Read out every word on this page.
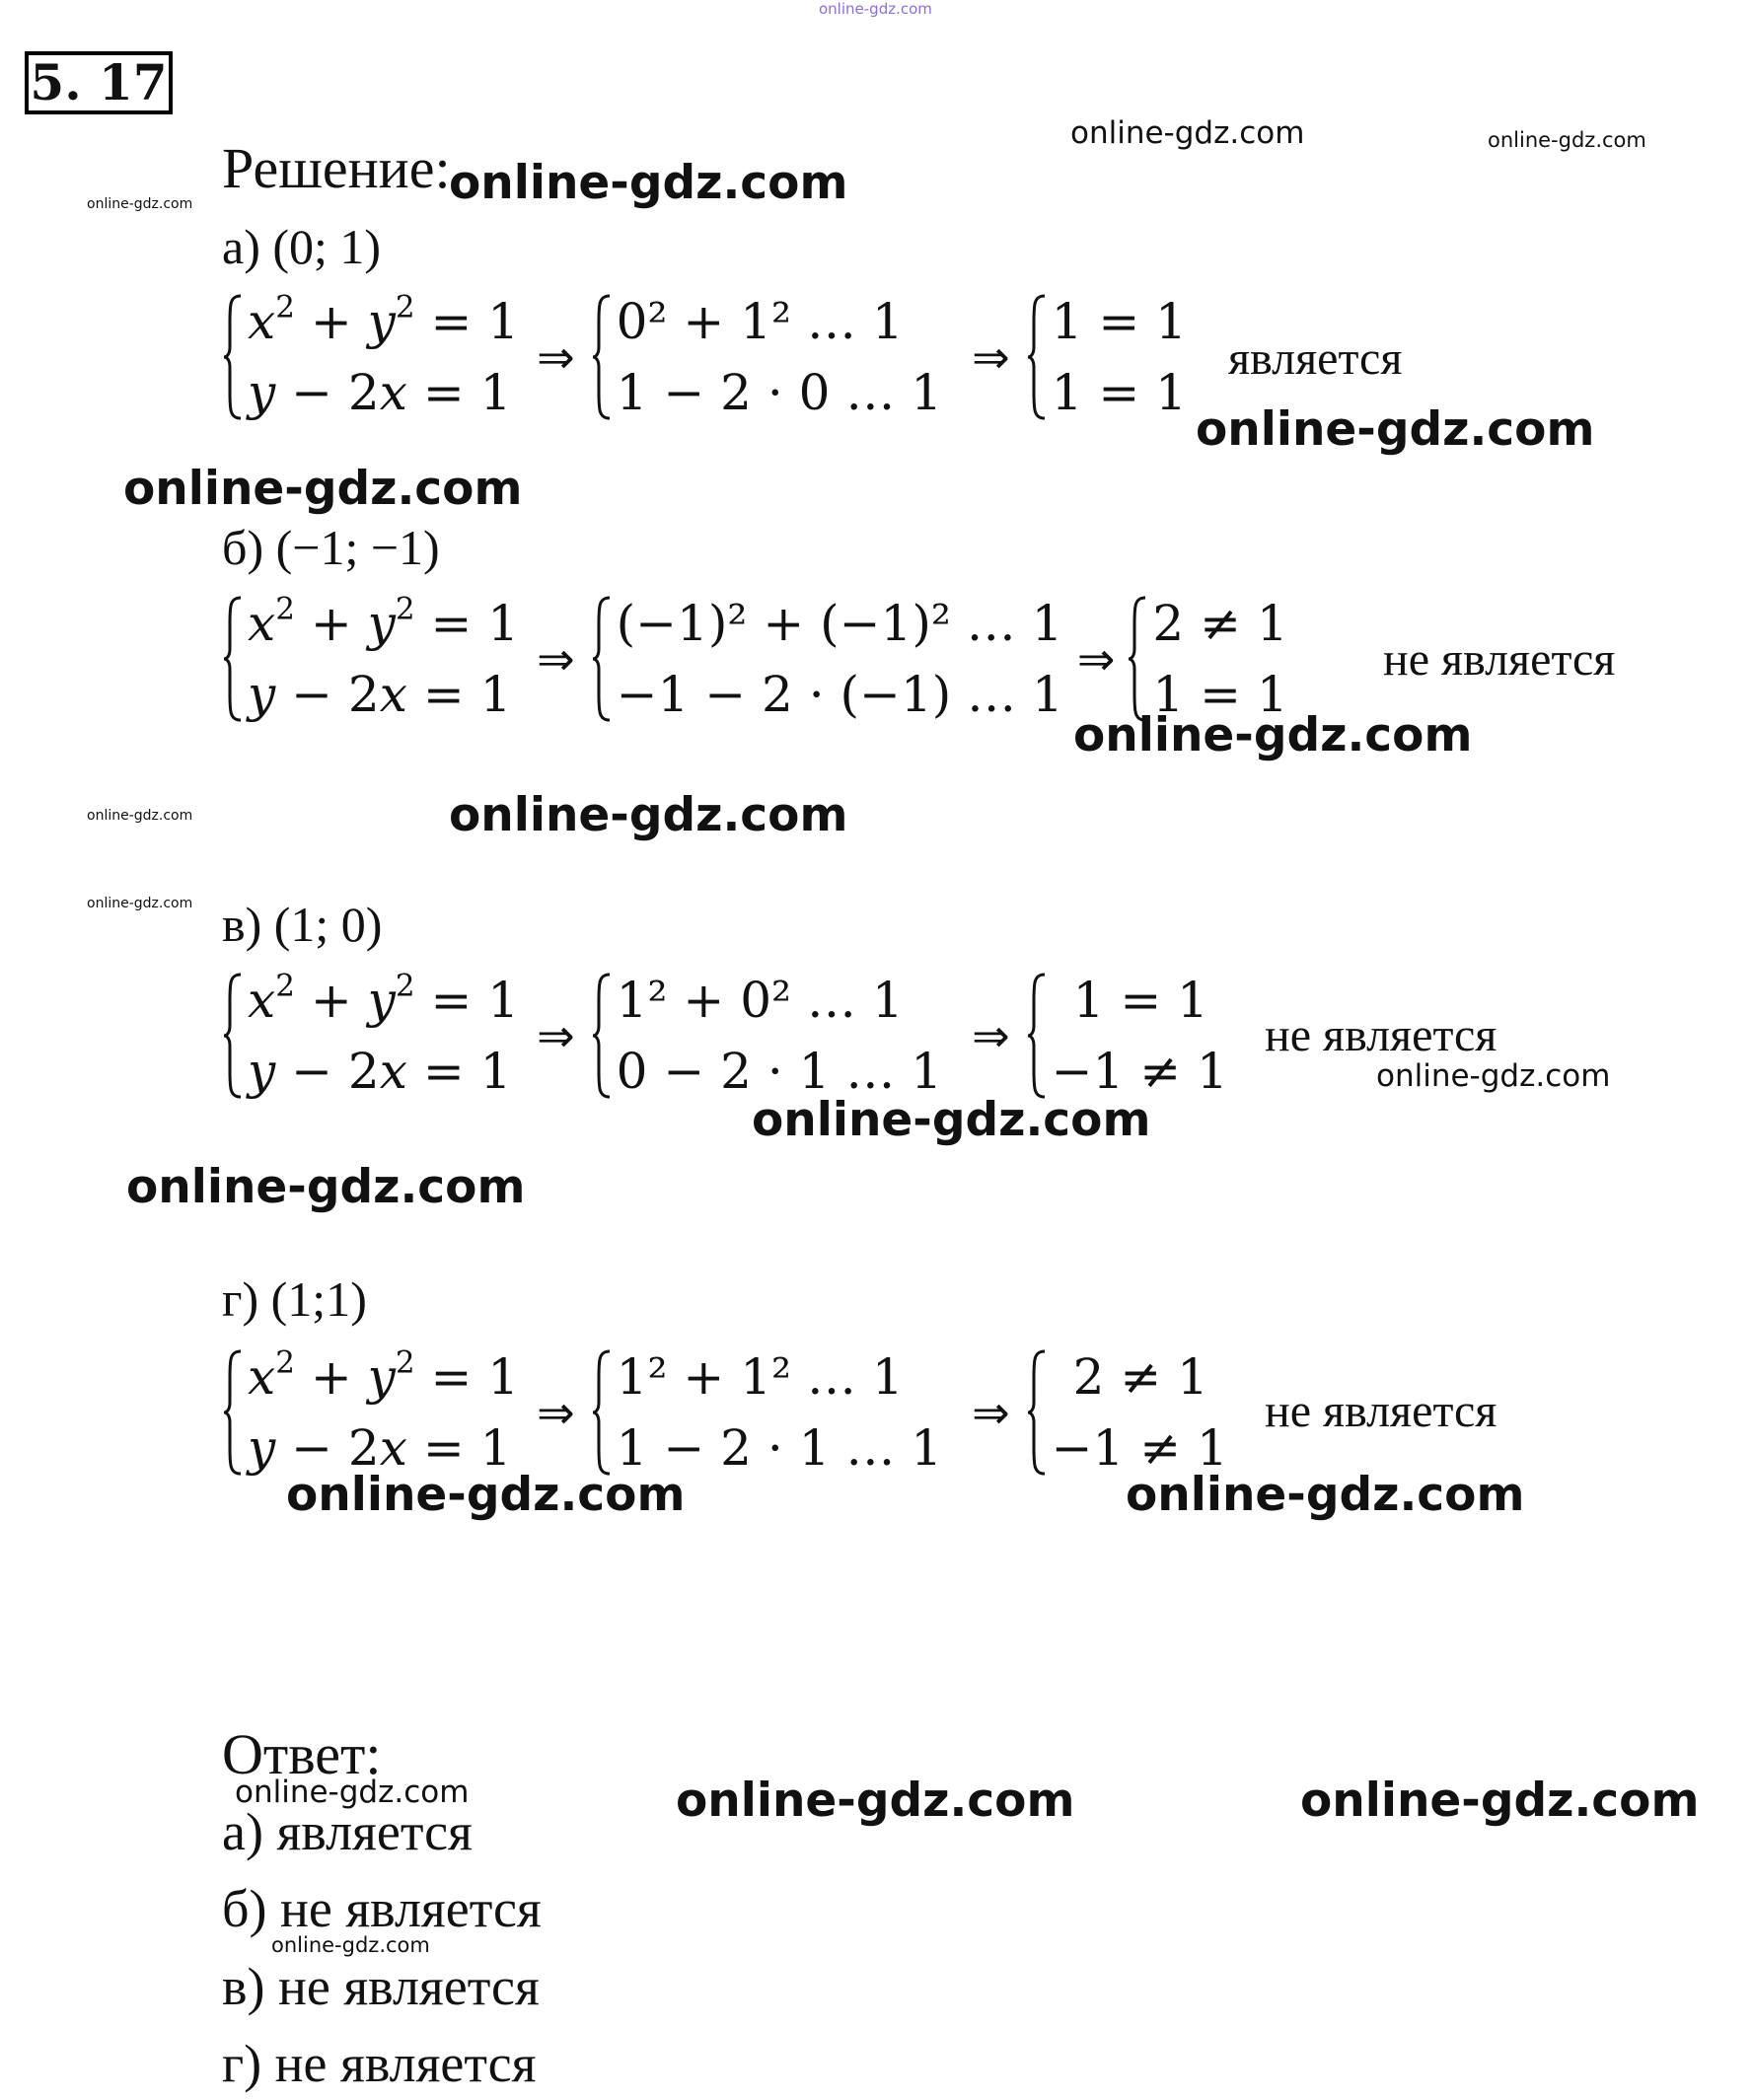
online-gdz.com
online-gdz.com	online-gdz.com
online-gdz.com
online-gdz.com
online-gdz.com
online-gdz.com
online-gdz.com
online-gdz.com	online-gdz.com
online-gdz.com
online-gdz.com
online-gdz.com
online-gdz.com
online-gdz.com	online-gdz.com
online-gdz.com	online-gdz.com	online-gdz.com
online-gdz.com
5. 17
Решение:
а) (0; 1)
$x^2 + y^2 = 1$
y − 2x = 1
⇒
0² + 1² … 1
1 − 2 · 0 … 1
⇒
1 = 1
1 = 1
является
б) (−1; −1)
$x^2 + y^2 = 1$
y − 2x = 1
⇒
(−1)² + (−1)² … 1
−1 − 2 · (−1) … 1
⇒
2 ≠ 1
1 = 1
не является
в) (1; 0)
$x^2 + y^2 = 1$
y − 2x = 1
⇒
1² + 0² … 1
0 − 2 · 1 … 1
⇒
1 = 1
−1 ≠ 1
не является
г) (1;1)
$x^2 + y^2 = 1$
y − 2x = 1
⇒
1² + 1² … 1
1 − 2 · 1 … 1
⇒
2 ≠ 1
−1 ≠ 1
не является
Ответ:
а) является
б) не является
в) не является
г) не является
